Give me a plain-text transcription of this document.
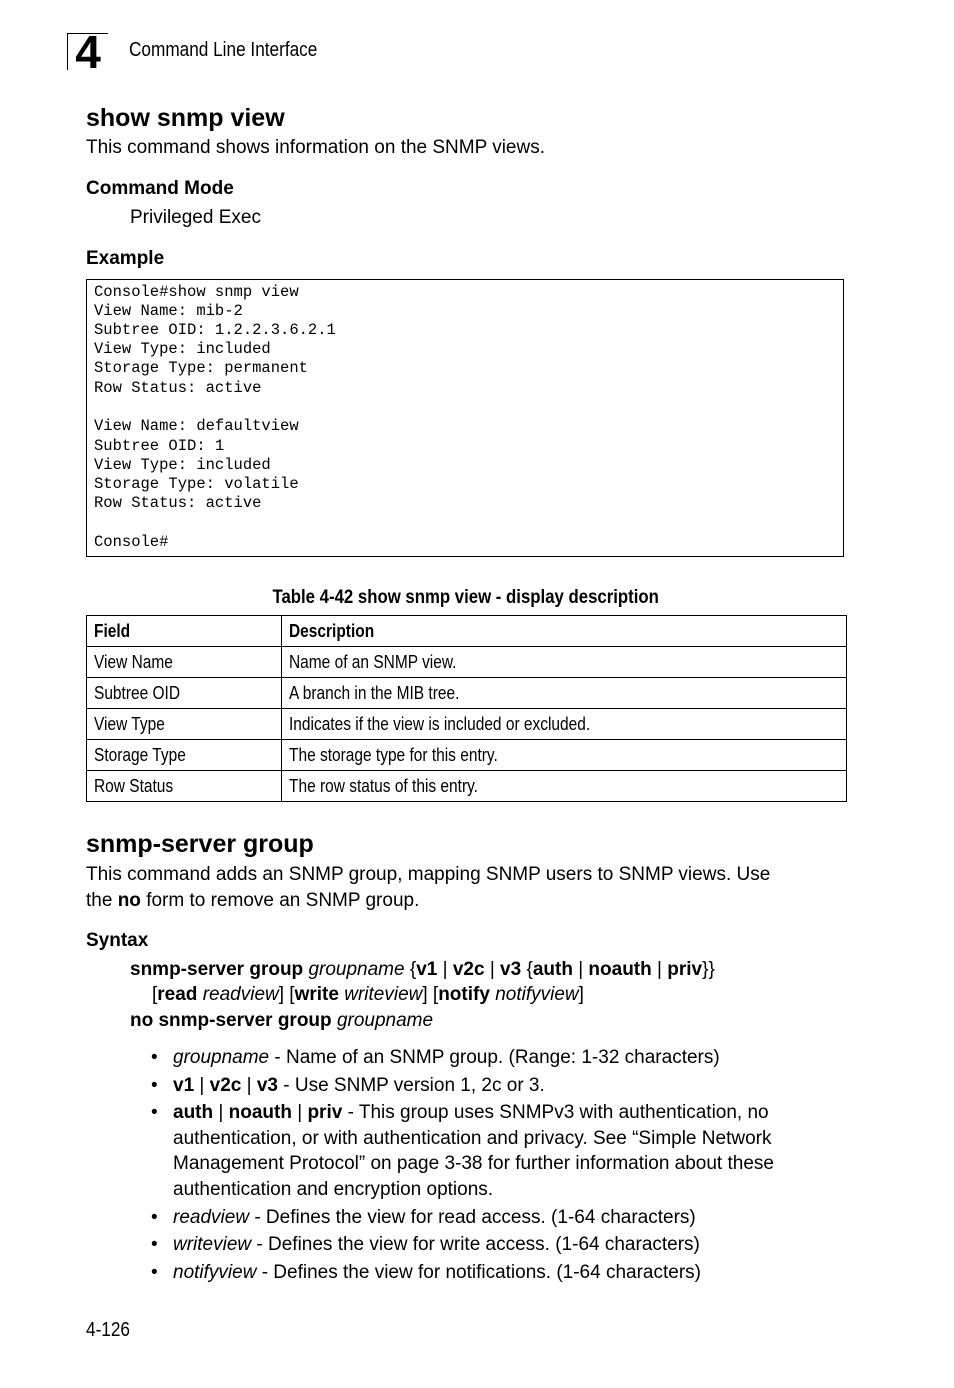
4	Command Line Interface
show snmp view
This command shows information on the SNMP views.
Command Mode
Privileged Exec
Example
Console#show snmp view
View Name: mib-2
Subtree OID: 1.2.2.3.6.2.1
View Type: included
Storage Type: permanent
Row Status: active
View Name: defaultview
Subtree OID: 1
View Type: included
Storage Type: volatile
Row Status: active
Console#
Table 4-42 show snmp view - display description
Field	Description
View Name	Name of an SNMP view.
Subtree OID	A branch in the MIB tree.
View Type	Indicates if the view is included or excluded.
Storage Type	The storage type for this entry.
Row Status	The row status of this entry.
snmp-server group
This command adds an SNMP group, mapping SNMP users to SNMP views. Use
the no form to remove an SNMP group.
Syntax
snmp-server group groupname {v1 | v2c | v3 {auth | noauth | priv}}
[read readview] [write writeview] [notify notifyview]
no snmp-server group groupname
• groupname - Name of an SNMP group. (Range: 1-32 characters)
• v1 | v2c | v3 - Use SNMP version 1, 2c or 3.
• auth | noauth | priv - This group uses SNMPv3 with authentication, no
authentication, or with authentication and privacy. See “Simple Network
Management Protocol” on page 3-38 for further information about these
authentication and encryption options.
• readview - Defines the view for read access. (1-64 characters)
• writeview - Defines the view for write access. (1-64 characters)
• notifyview - Defines the view for notifications. (1-64 characters)
4-126
